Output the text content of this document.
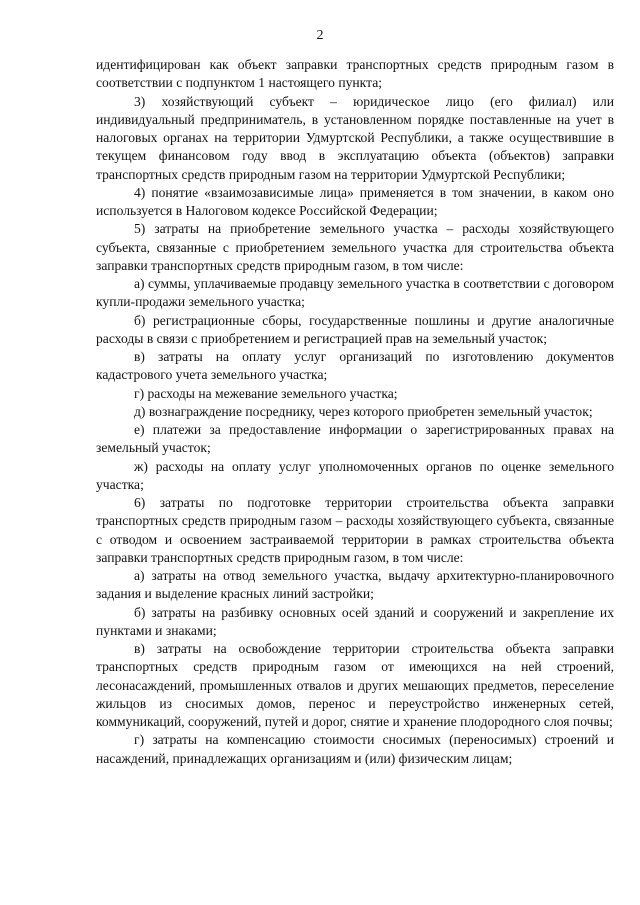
2

идентифицирован как объект заправки транспортных средств природным газом в соответствии с подпунктом 1 настоящего пункта;

3) хозяйствующий субъект – юридическое лицо (его филиал) или индивидуальный предприниматель, в установленном порядке поставленные на учет в налоговых органах на территории Удмуртской Республики, а также осуществившие в текущем финансовом году ввод в эксплуатацию объекта (объектов) заправки транспортных средств природным газом на территории Удмуртской Республики;

4) понятие «взаимозависимые лица» применяется в том значении, в каком оно используется в Налоговом кодексе Российской Федерации;

5) затраты на приобретение земельного участка – расходы хозяйствующего субъекта, связанные с приобретением земельного участка для строительства объекта заправки транспортных средств природным газом, в том числе:

а) суммы, уплачиваемые продавцу земельного участка в соответствии с договором купли-продажи земельного участка;

б) регистрационные сборы, государственные пошлины и другие аналогичные расходы в связи с приобретением и регистрацией прав на земельный участок;

в) затраты на оплату услуг организаций по изготовлению документов кадастрового учета земельного участка;

г) расходы на межевание земельного участка;

д) вознаграждение посреднику, через которого приобретен земельный участок;

е) платежи за предоставление информации о зарегистрированных правах на земельный участок;

ж) расходы на оплату услуг уполномоченных органов по оценке земельного участка;

6) затраты по подготовке территории строительства объекта заправки транспортных средств природным газом – расходы хозяйствующего субъекта, связанные с отводом и освоением застраиваемой территории в рамках строительства объекта заправки транспортных средств природным газом, в том числе:

а) затраты на отвод земельного участка, выдачу архитектурно-планировочного задания и выделение красных линий застройки;

б) затраты на разбивку основных осей зданий и сооружений и закрепление их пунктами и знаками;

в) затраты на освобождение территории строительства объекта заправки транспортных средств природным газом от имеющихся на ней строений, лесонасаждений, промышленных отвалов и других мешающих предметов, переселение жильцов из сносимых домов, перенос и переустройство инженерных сетей, коммуникаций, сооружений, путей и дорог, снятие и хранение плодородного слоя почвы;

г) затраты на компенсацию стоимости сносимых (переносимых) строений и насаждений, принадлежащих организациям и (или) физическим лицам;
